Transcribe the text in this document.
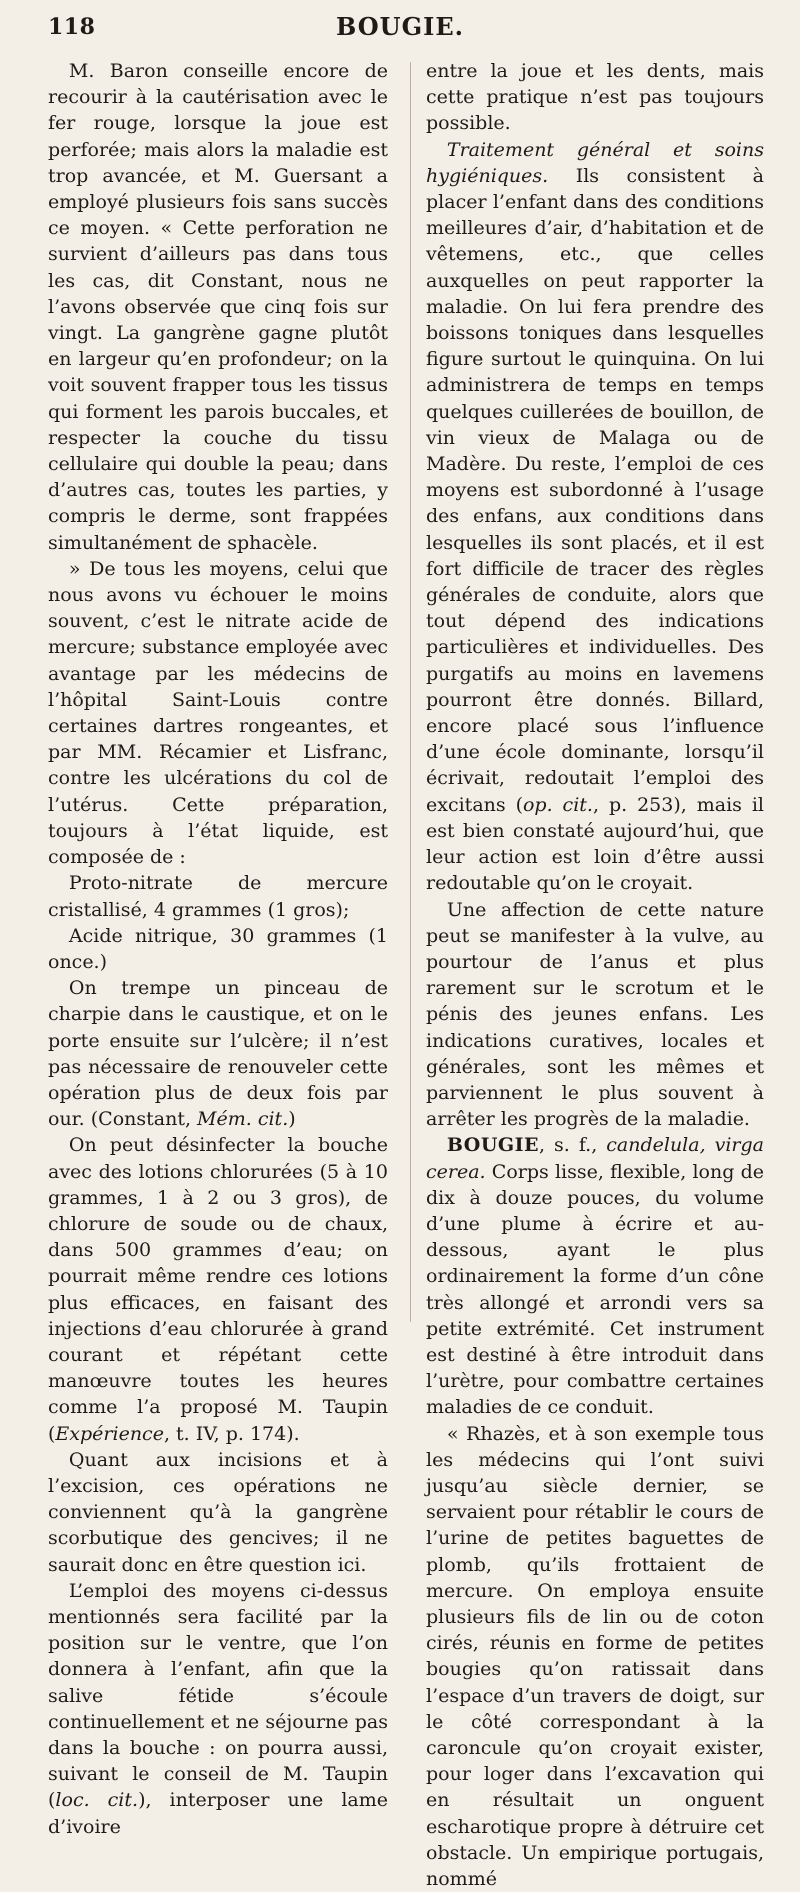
118	BOUGIE.

M. Baron conseille encore de recourir à la cautérisation avec le fer rouge, lorsque la joue est perforée; mais alors la maladie est trop avancée, et M. Guersant a employé plusieurs fois sans succès ce moyen. « Cette perforation ne survient d’ailleurs pas dans tous les cas, dit Constant, nous ne l’avons observée que cinq fois sur vingt. La gangrène gagne plutôt en largeur qu’en profondeur; on la voit souvent frapper tous les tissus qui forment les parois buccales, et respecter la couche du tissu cellulaire qui double la peau; dans d’autres cas, toutes les parties, y compris le derme, sont frappées simultanément de sphacèle.

» De tous les moyens, celui que nous avons vu échouer le moins souvent, c’est le nitrate acide de mercure; substance employée avec avantage par les médecins de l’hôpital Saint-Louis contre certaines dartres rongeantes, et par MM. Récamier et Lisfranc, contre les ulcérations du col de l’utérus. Cette préparation, toujours à l’état liquide, est composée de :

Proto-nitrate de mercure cristallisé, 4 grammes (1 gros);

Acide nitrique, 30 grammes (1 once.)

On trempe un pinceau de charpie dans le caustique, et on le porte ensuite sur l’ulcère; il n’est pas nécessaire de renouveler cette opération plus de deux fois par our. (Constant, Mém. cit.)

On peut désinfecter la bouche avec des lotions chlorurées (5 à 10 grammes, 1 à 2 ou 3 gros), de chlorure de soude ou de chaux, dans 500 grammes d’eau; on pourrait même rendre ces lotions plus efficaces, en faisant des injections d’eau chlorurée à grand courant et répétant cette manœuvre toutes les heures comme l’a proposé M. Taupin (Expérience, t. IV, p. 174).

Quant aux incisions et à l’excision, ces opérations ne conviennent qu’à la gangrène scorbutique des gencives; il ne saurait donc en être question ici.

L’emploi des moyens ci-dessus mentionnés sera facilité par la position sur le ventre, que l’on donnera à l’enfant, afin que la salive fétide s’écoule continuellement et ne séjourne pas dans la bouche : on pourra aussi, suivant le conseil de M. Taupin (loc. cit.), interposer une lame d’ivoire

entre la joue et les dents, mais cette pratique n’est pas toujours possible.

Traitement général et soins hygiéniques. Ils consistent à placer l’enfant dans des conditions meilleures d’air, d’habitation et de vêtemens, etc., que celles auxquelles on peut rapporter la maladie. On lui fera prendre des boissons toniques dans lesquelles figure surtout le quinquina. On lui administrera de temps en temps quelques cuillerées de bouillon, de vin vieux de Malaga ou de Madère. Du reste, l’emploi de ces moyens est subordonné à l’usage des enfans, aux conditions dans lesquelles ils sont placés, et il est fort difficile de tracer des règles générales de conduite, alors que tout dépend des indications particulières et individuelles. Des purgatifs au moins en lavemens pourront être donnés. Billard, encore placé sous l’influence d’une école dominante, lorsqu’il écrivait, redoutait l’emploi des excitans (op. cit., p. 253), mais il est bien constaté aujourd’hui, que leur action est loin d’être aussi redoutable qu’on le croyait.

Une affection de cette nature peut se manifester à la vulve, au pourtour de l’anus et plus rarement sur le scrotum et le pénis des jeunes enfans. Les indications curatives, locales et générales, sont les mêmes et parviennent le plus souvent à arrêter les progrès de la maladie.

BOUGIE, s. f., candelula, virga cerea. Corps lisse, flexible, long de dix à douze pouces, du volume d’une plume à écrire et au-dessous, ayant le plus ordinairement la forme d’un cône très allongé et arrondi vers sa petite extrémité. Cet instrument est destiné à être introduit dans l’urètre, pour combattre certaines maladies de ce conduit.

« Rhazès, et à son exemple tous les médecins qui l’ont suivi jusqu’au siècle dernier, se servaient pour rétablir le cours de l’urine de petites baguettes de plomb, qu’ils frottaient de mercure. On employa ensuite plusieurs fils de lin ou de coton cirés, réunis en forme de petites bougies qu’on ratissait dans l’espace d’un travers de doigt, sur le côté correspondant à la caroncule qu’on croyait exister, pour loger dans l’excavation qui en résultait un onguent escharotique propre à détruire cet obstacle. Un empirique portugais, nommé
